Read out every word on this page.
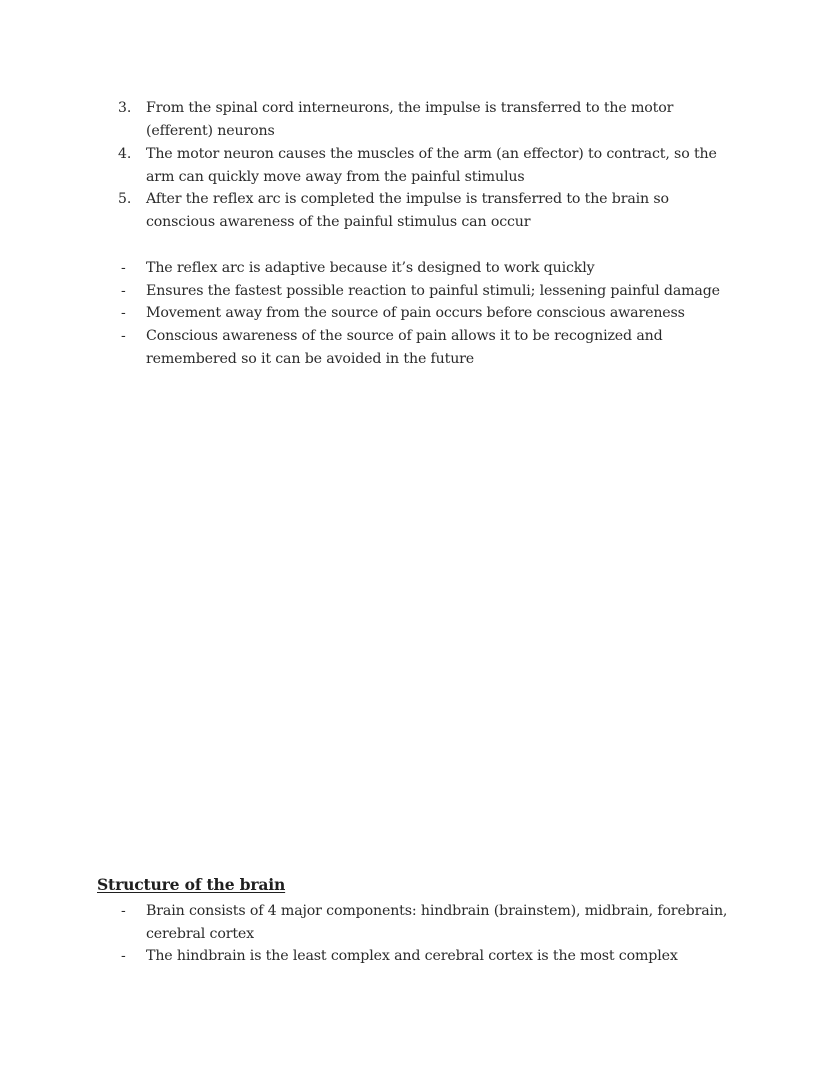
3.	From the spinal cord interneurons, the impulse is transferred to the motor (efferent) neurons
4.	The motor neuron causes the muscles of the arm (an effector) to contract, so the arm can quickly move away from the painful stimulus
5.	After the reflex arc is completed the impulse is transferred to the brain so conscious awareness of the painful stimulus can occur
-	The reflex arc is adaptive because it’s designed to work quickly
-	Ensures the fastest possible reaction to painful stimuli; lessening painful damage
-	Movement away from the source of pain occurs before conscious awareness
-	Conscious awareness of the source of pain allows it to be recognized and remembered so it can be avoided in the future
Structure of the brain
-	Brain consists of 4 major components: hindbrain (brainstem), midbrain, forebrain, cerebral cortex
-	The hindbrain is the least complex and cerebral cortex is the most complex
